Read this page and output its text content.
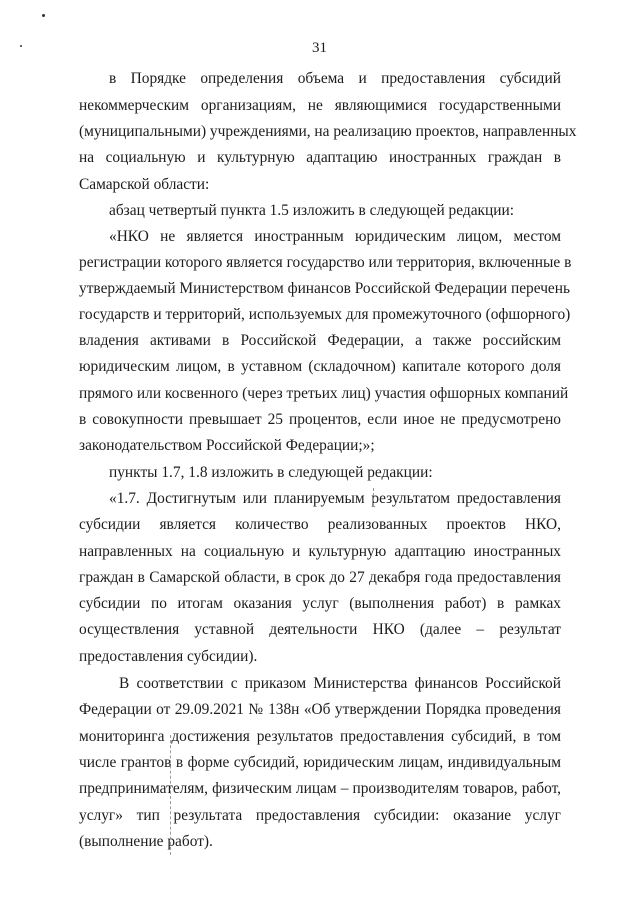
31
в Порядке определения объема и предоставления субсидий
некоммерческим организациям, не являющимися государственными
(муниципальными) учреждениями, на реализацию проектов, направленных
на социальную и культурную адаптацию иностранных граждан в
Самарской области:
абзац четвертый пункта 1.5 изложить в следующей редакции:
«НКО не является иностранным юридическим лицом, местом
регистрации которого является государство или территория, включенные в
утверждаемый Министерством финансов Российской Федерации перечень
государств и территорий, используемых для промежуточного (офшорного)
владения активами в Российской Федерации, а также российским
юридическим лицом, в уставном (складочном) капитале которого доля
прямого или косвенного (через третьих лиц) участия офшорных компаний
в совокупности превышает 25 процентов, если иное не предусмотрено
законодательством Российской Федерации;»;
пункты 1.7, 1.8 изложить в следующей редакции:
«1.7. Достигнутым или планируемым результатом предоставления
субсидии является количество реализованных проектов НКО,
направленных на социальную и культурную адаптацию иностранных
граждан в Самарской области, в срок до 27 декабря года предоставления
субсидии по итогам оказания услуг (выполнения работ) в рамках
осуществления уставной деятельности НКО (далее – результат
предоставления субсидии).
В соответствии с приказом Министерства финансов Российской
Федерации от 29.09.2021 № 138н «Об утверждении Порядка проведения
мониторинга достижения результатов предоставления субсидий, в том
числе грантов в форме субсидий, юридическим лицам, индивидуальным
предпринимателям, физическим лицам – производителям товаров, работ,
услуг» тип результата предоставления субсидии: оказание услуг
(выполнение работ).
